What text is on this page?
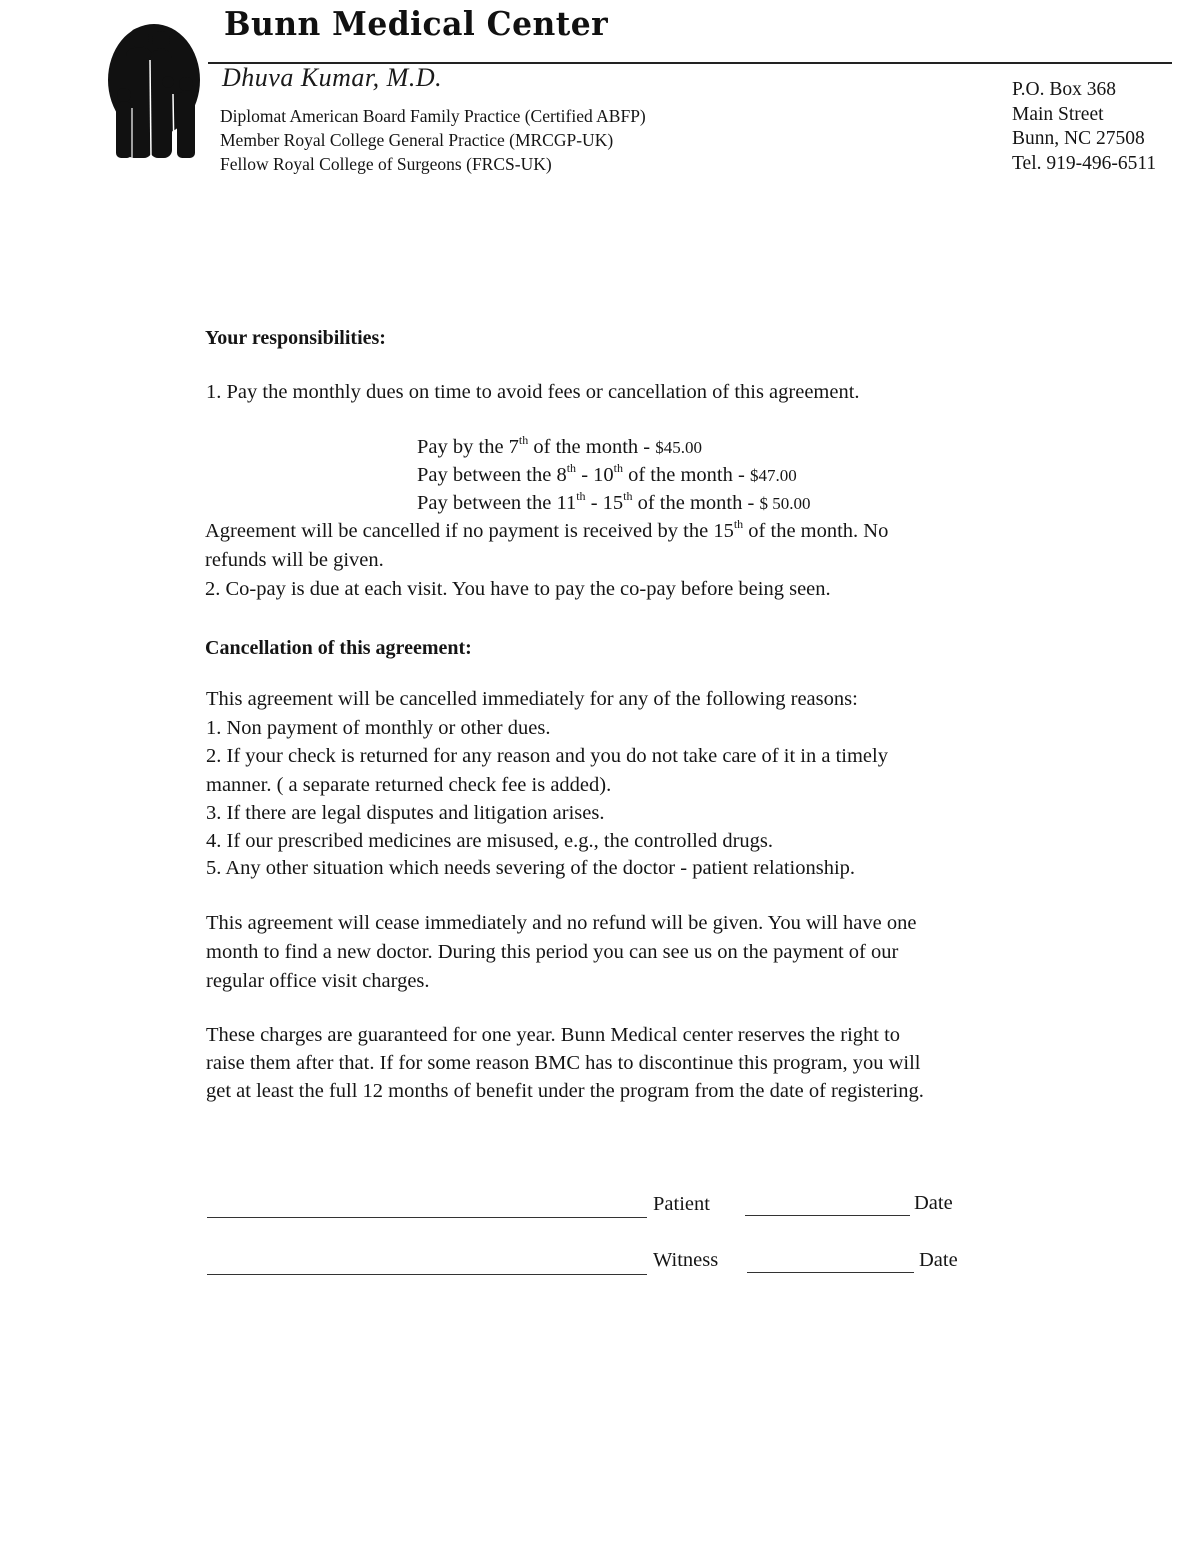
Bunn Medical Center
Dhuva Kumar, M.D.
Diplomat American Board Family Practice (Certified ABFP)
Member Royal College General Practice (MRCGP-UK)
Fellow Royal College of Surgeons (FRCS-UK)
P.O. Box 368
Main Street
Bunn, NC 27508
Tel. 919-496-6511
Your responsibilities:
1. Pay the monthly dues on time to avoid fees or cancellation of this agreement.
Pay by the 7th of the month - $45.00
Pay between the 8th - 10th of the month - $47.00
Pay between the 11th - 15th of the month - $ 50.00
Agreement will be cancelled if no payment is received by the 15th of the month. No
refunds will be given.
2. Co-pay is due at each visit. You have to pay the co-pay before being seen.
Cancellation of this agreement:
This agreement will be cancelled immediately for any of the following reasons:
1. Non payment of monthly or other dues.
2. If your check is returned for any reason and you do not take care of it in a timely
manner. ( a separate returned check fee is added).
3. If there are legal disputes and litigation arises.
4. If our prescribed medicines are misused, e.g., the controlled drugs.
5. Any other situation which needs severing of the doctor - patient relationship.
This agreement will cease immediately and no refund will be given. You will have one
month to find a new doctor. During this period you can see us on the payment of our
regular office visit charges.
These charges are guaranteed for one year. Bunn Medical center reserves the right to
raise them after that. If for some reason BMC has to discontinue this program, you will
get at least the full 12 months of benefit under the program from the date of registering.
Patient	Date
Witness	Date
